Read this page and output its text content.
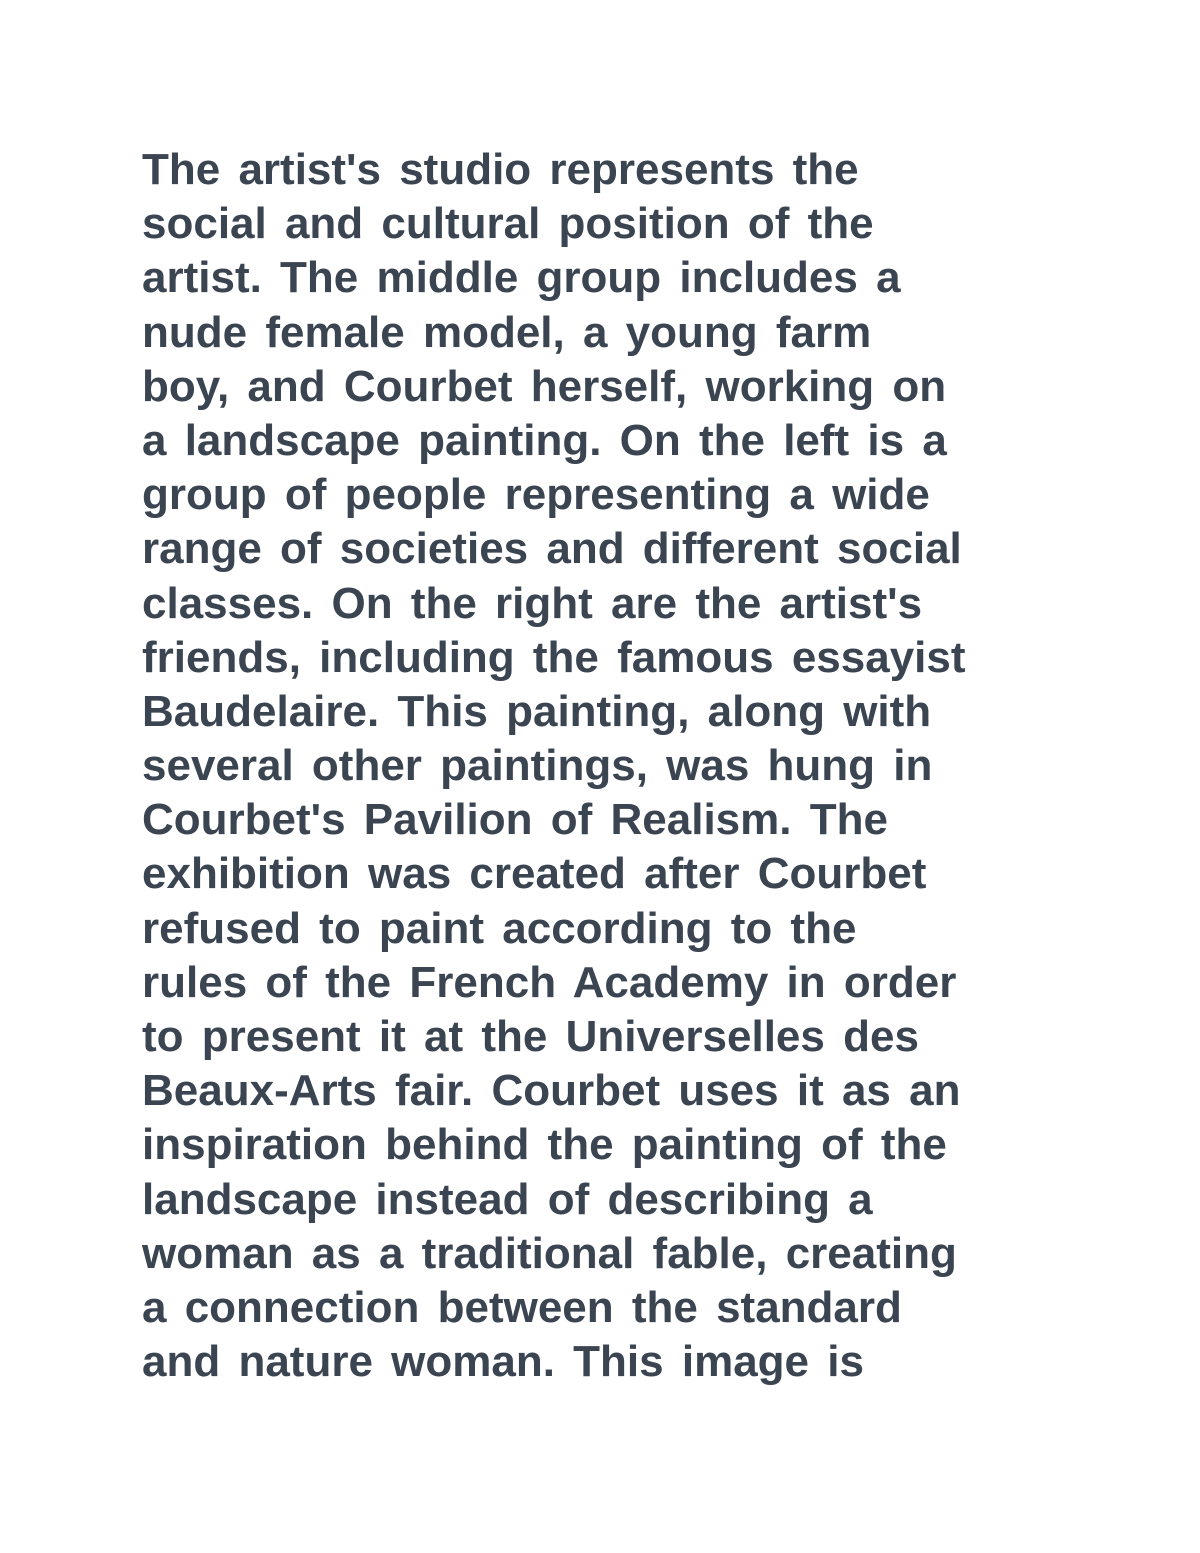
The artist's studio represents the
social and cultural position of the
artist. The middle group includes a
nude female model, a young farm
boy, and Courbet herself, working on
a landscape painting. On the left is a
group of people representing a wide
range of societies and different social
classes. On the right are the artist's
friends, including the famous essayist
Baudelaire. This painting, along with
several other paintings, was hung in
Courbet's Pavilion of Realism. The
exhibition was created after Courbet
refused to paint according to the
rules of the French Academy in order
to present it at the Universelles des
Beaux-Arts fair. Courbet uses it as an
inspiration behind the painting of the
landscape instead of describing a
woman as a traditional fable, creating
a connection between the standard
and nature woman. This image is
